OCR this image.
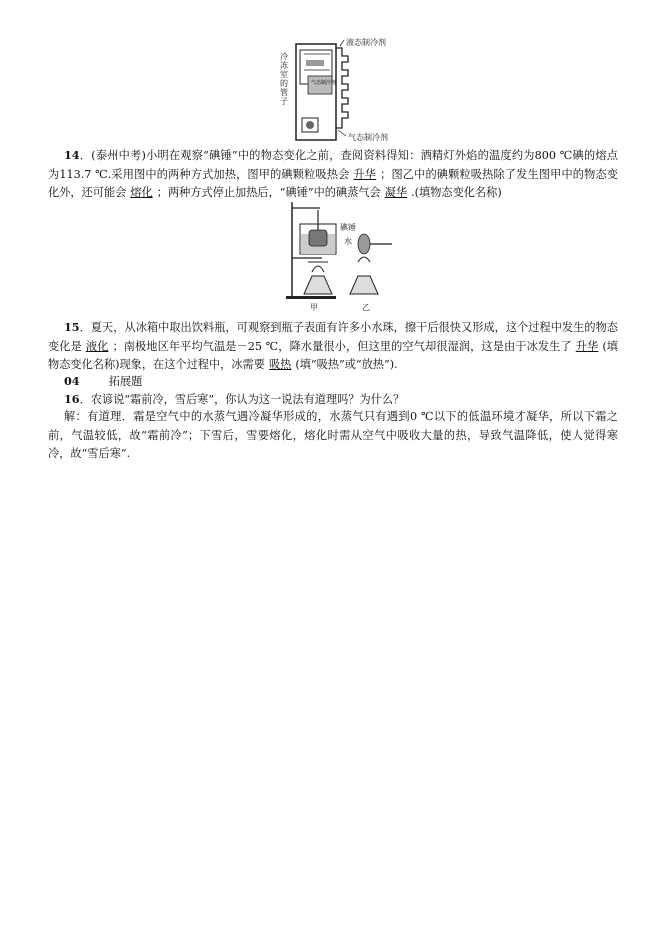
液态制冷剂
气态制冷剂
气态制冷剂
冷冻室的管子
14．(泰州中考)小明在观察“碘锤”中的物态变化之前，查阅资料得知：酒精灯外焰的温度约为800 ℃碘的熔点为113.7 ℃.采用图中的两种方式加热，图甲的碘颗粒吸热会 升华 ；图乙中的碘颗粒吸热除了发生图甲中的物态变化外，还可能会 熔化 ；两种方式停止加热后，“碘锤”中的碘蒸气会 凝华 .(填物态变化名称)
碘锤
水
甲	乙
15．夏天，从冰箱中取出饮料瓶，可观察到瓶子表面有许多小水珠，擦干后很快又形成，这个过程中发生的物态变化是 液化 ；南极地区年平均气温是－25 ℃，降水量很小，但这里的空气却很湿润，这是由于冰发生了 升华 (填物态变化名称)现象，在这个过程中，冰需要 吸热 (填“吸热”或“放热”).
04	拓展题
16．农谚说“霜前冷，雪后寒”，你认为这一说法有道理吗？为什么？
解：有道理．霜是空气中的水蒸气遇冷凝华形成的，水蒸气只有遇到0 ℃以下的低温环境才凝华，所以下霜之前，气温较低，故“霜前冷”；下雪后，雪要熔化，熔化时需从空气中吸收大量的热，导致气温降低，使人觉得寒冷，故“雪后寒”.
